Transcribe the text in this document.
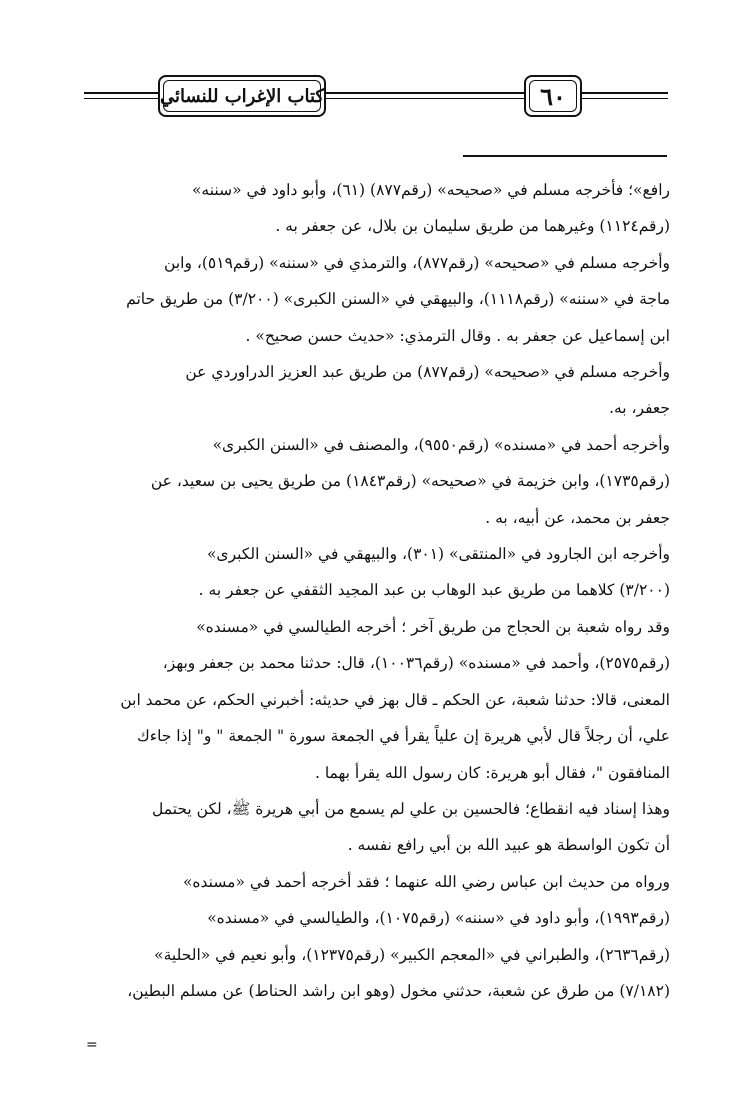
٦٠
كتاب الإغراب للنسائي
رافع»؛ فأخرجه مسلم في «صحيحه» (رقم٨٧٧) (٦١)، وأبو داود في «سننه»
(رقم١١٢٤) وغيرهما من طريق سليمان بن بلال، عن جعفر به .
وأخرجه مسلم في «صحيحه» (رقم٨٧٧)، والترمذي في «سننه» (رقم٥١٩)، وابن
ماجة في «سننه» (رقم١١١٨)، والبيهقي في «السنن الكبرى» (٣/٢٠٠) من طريق حاتم
ابن إسماعيل عن جعفر به . وقال الترمذي: «حديث حسن صحيح» .
وأخرجه مسلم في «صحيحه» (رقم٨٧٧) من طريق عبد العزيز الدراوردي عن
جعفر، به.
وأخرجه أحمد في «مسنده» (رقم٩٥٥٠)، والمصنف في «السنن الكبرى»
(رقم١٧٣٥)، وابن خزيمة في «صحيحه» (رقم١٨٤٣) من طريق يحيى بن سعيد، عن
جعفر بن محمد، عن أبيه، به .
وأخرجه ابن الجارود في «المنتقى» (٣٠١)، والبيهقي في «السنن الكبرى»
(٣/٢٠٠) كلاهما من طريق عبد الوهاب بن عبد المجيد الثقفي عن جعفر به .
وقد رواه شعبة بن الحجاج من طريق آخر ؛ أخرجه الطيالسي في «مسنده»
(رقم٢٥٧٥)، وأحمد في «مسنده» (رقم١٠٠٣٦)، قال: حدثنا محمد بن جعفر وبهز،
المعنى، قالا: حدثنا شعبة، عن الحكم ـ قال بهز في حديثه: أخبرني الحكم، عن محمد ابن
علي، أن رجلاً قال لأبي هريرة إن علياً يقرأ في الجمعة سورة " الجمعة " و" إذا جاءك
المنافقون "، فقال أبو هريرة: كان رسول الله يقرأ بهما .
وهذا إسناد فيه انقطاع؛ فالحسين بن علي لم يسمع من أبي هريرة ﷺ، لكن يحتمل
أن تكون الواسطة هو عبيد الله بن أبي رافع نفسه .
ورواه من حديث ابن عباس رضي الله عنهما ؛ فقد أخرجه أحمد في «مسنده»
(رقم١٩٩٣)، وأبو داود في «سننه» (رقم١٠٧٥)، والطيالسي في «مسنده»
(رقم٢٦٣٦)، والطبراني في «المعجم الكبير» (رقم١٢٣٧٥)، وأبو نعيم في «الحلية»
(٧/١٨٢) من طرق عن شعبة، حدثني مخول (وهو ابن راشد الحناط) عن مسلم البطين،
=
